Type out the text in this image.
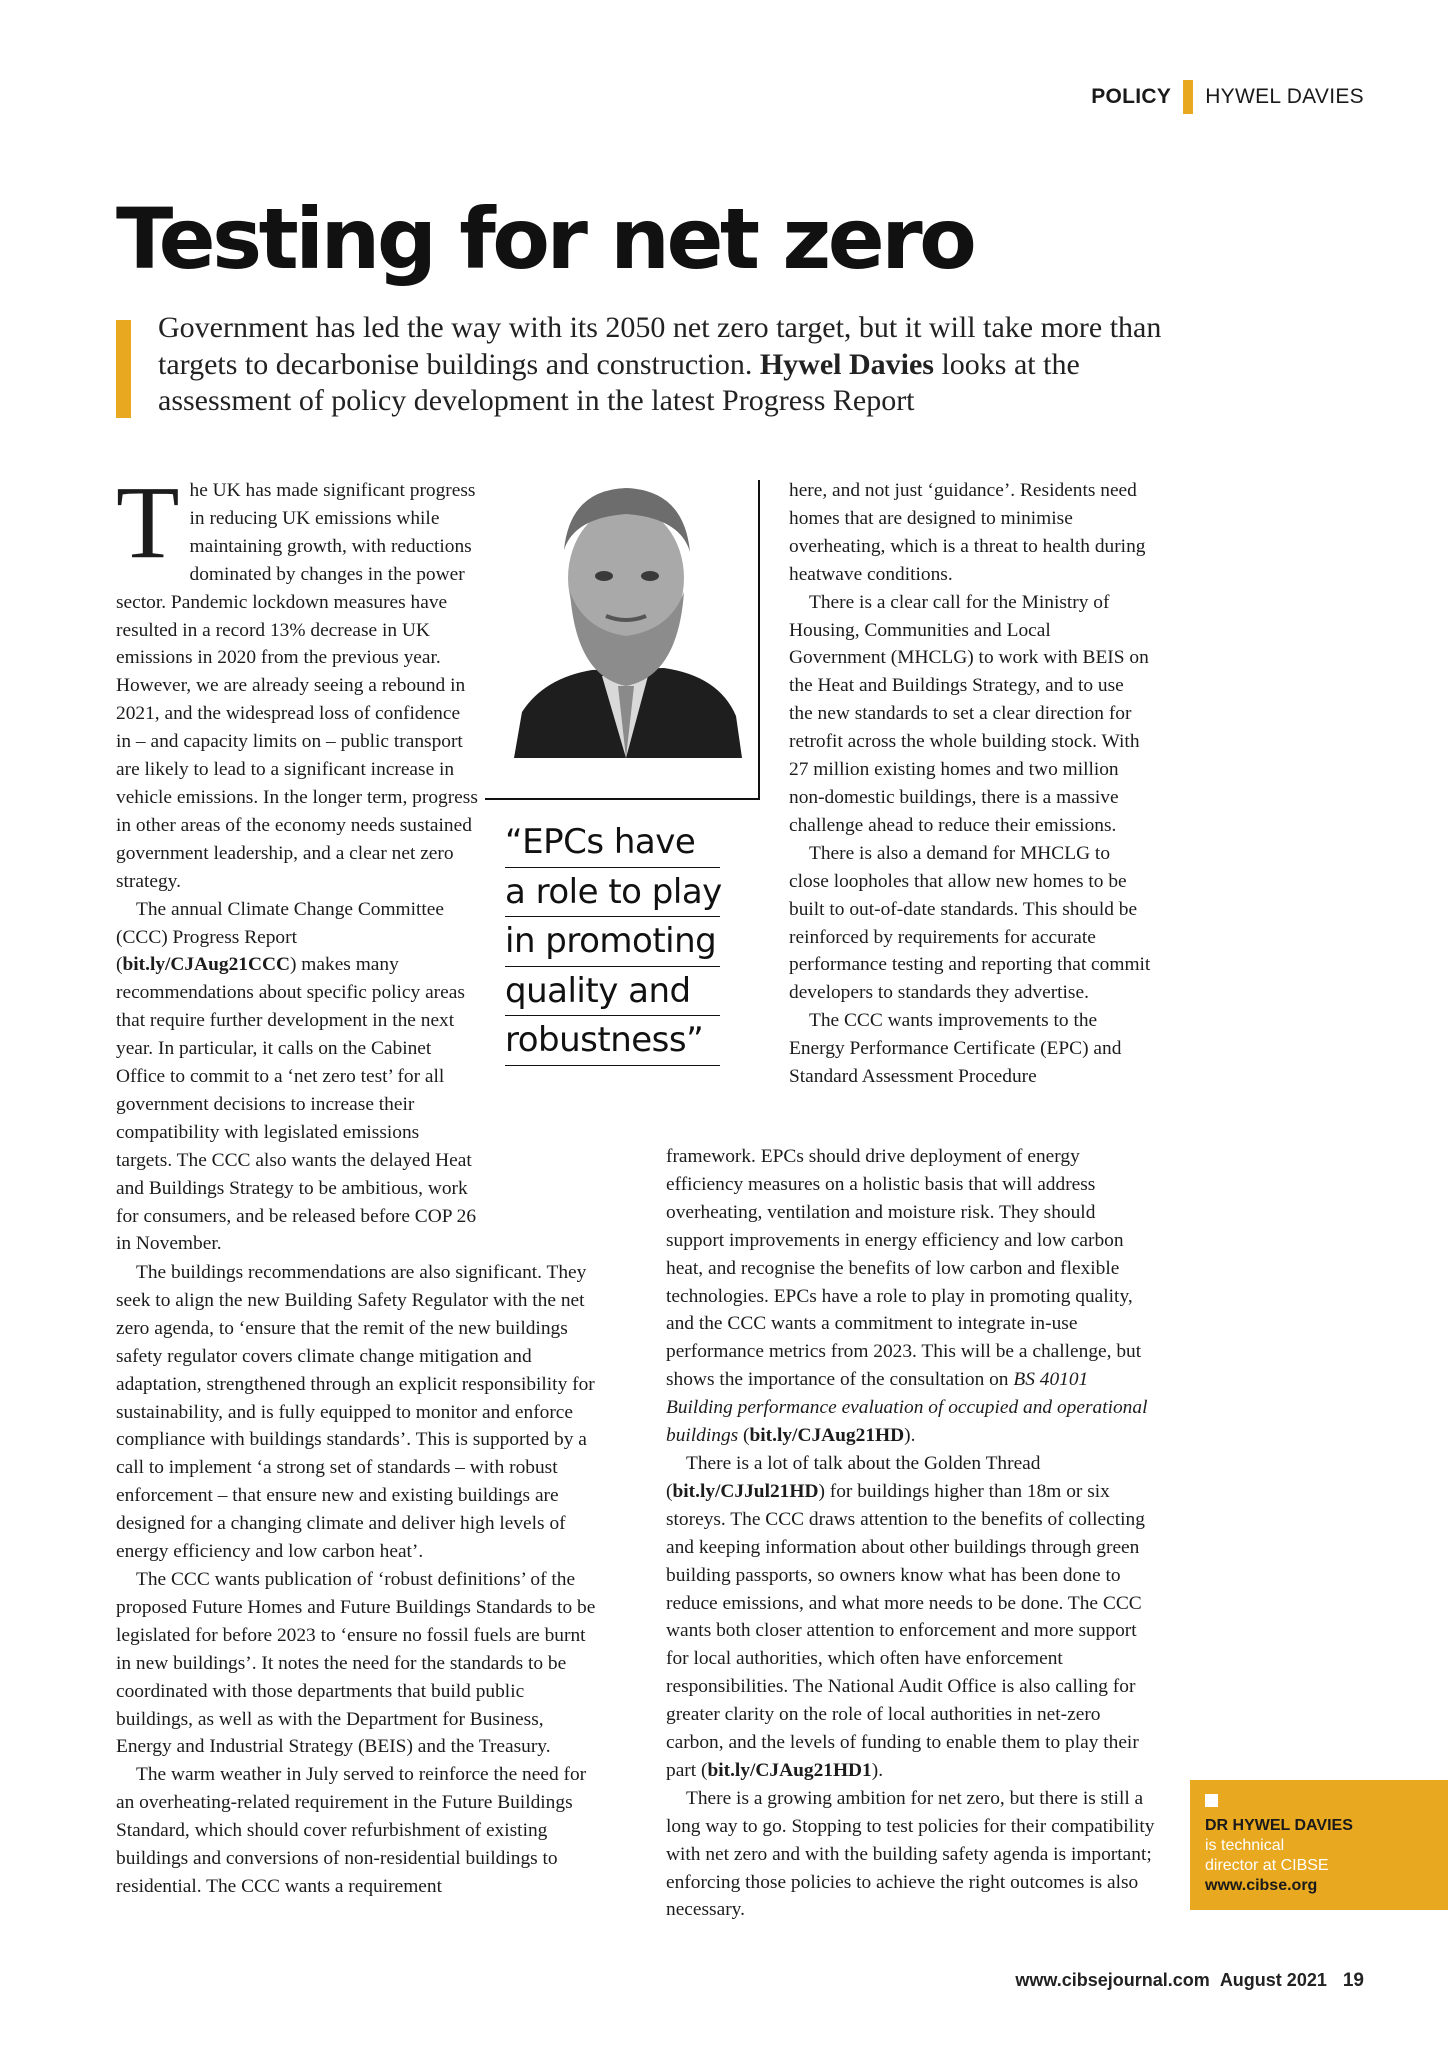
POLICY HYWEL DAVIES
Testing for net zero

Government has led the way with its 2050 net zero target, but it will take more than targets to decarbonise buildings and construction. Hywel Davies looks at the assessment of policy development in the latest Progress Report

The UK has made significant progress in reducing UK emissions while maintaining growth, with reductions dominated by changes in the power sector. Pandemic lockdown measures have resulted in a record 13% decrease in UK emissions in 2020 from the previous year. However, we are already seeing a rebound in 2021, and the widespread loss of confidence in – and capacity limits on – public transport are likely to lead to a significant increase in vehicle emissions. In the longer term, progress in other areas of the economy needs sustained government leadership, and a clear net zero strategy.

The annual Climate Change Committee (CCC) Progress Report (bit.ly/CJAug21CCC) makes many recommendations about specific policy areas that require further development in the next year. In particular, it calls on the Cabinet Office to commit to a ‘net zero test’ for all government decisions to increase their compatibility with legislated emissions targets. The CCC also wants the delayed Heat and Buildings Strategy to be ambitious, work for consumers, and be released before COP 26 in November.

“EPCs have
a role to play
in promoting
quality and
robustness”

The buildings recommendations are also significant. They seek to align the new Building Safety Regulator with the net zero agenda, to ‘ensure that the remit of the new buildings safety regulator covers climate change mitigation and adaptation, strengthened through an explicit responsibility for sustainability, and is fully equipped to monitor and enforce compliance with buildings standards’. This is supported by a call to implement ‘a strong set of standards – with robust enforcement – that ensure new and existing buildings are designed for a changing climate and deliver high levels of energy efficiency and low carbon heat’.

The CCC wants publication of ‘robust definitions’ of the proposed Future Homes and Future Buildings Standards to be legislated for before 2023 to ‘ensure no fossil fuels are burnt in new buildings’. It notes the need for the standards to be coordinated with those departments that build public buildings, as well as with the Department for Business, Energy and Industrial Strategy (BEIS) and the Treasury.

The warm weather in July served to reinforce the need for an overheating-related requirement in the Future Buildings Standard, which should cover refurbishment of existing buildings and conversions of non-residential buildings to residential. The CCC wants a requirement

here, and not just ‘guidance’. Residents need homes that are designed to minimise overheating, which is a threat to health during heatwave conditions.

There is a clear call for the Ministry of Housing, Communities and Local Government (MHCLG) to work with BEIS on the Heat and Buildings Strategy, and to use the new standards to set a clear direction for retrofit across the whole building stock. With 27 million existing homes and two million non-domestic buildings, there is a massive challenge ahead to reduce their emissions.

There is also a demand for MHCLG to close loopholes that allow new homes to be built to out-of-date standards. This should be reinforced by requirements for accurate performance testing and reporting that commit developers to standards they advertise.

The CCC wants improvements to the Energy Performance Certificate (EPC) and Standard Assessment Procedure

framework. EPCs should drive deployment of energy efficiency measures on a holistic basis that will address overheating, ventilation and moisture risk. They should support improvements in energy efficiency and low carbon heat, and recognise the benefits of low carbon and flexible technologies. EPCs have a role to play in promoting quality, and the CCC wants a commitment to integrate in-use performance metrics from 2023. This will be a challenge, but shows the importance of the consultation on BS 40101 Building performance evaluation of occupied and operational buildings (bit.ly/CJAug21HD).

There is a lot of talk about the Golden Thread (bit.ly/CJJul21HD) for buildings higher than 18m or six storeys. The CCC draws attention to the benefits of collecting and keeping information about other buildings through green building passports, so owners know what has been done to reduce emissions, and what more needs to be done. The CCC wants both closer attention to enforcement and more support for local authorities, which often have enforcement responsibilities. The National Audit Office is also calling for greater clarity on the role of local authorities in net-zero carbon, and the levels of funding to enable them to play their part (bit.ly/CJAug21HD1).

There is a growing ambition for net zero, but there is still a long way to go. Stopping to test policies for their compatibility with net zero and with the building safety agenda is important; enforcing those policies to achieve the right outcomes is also necessary.

DR HYWEL DAVIES
is technical
director at CIBSE
www.cibse.org
www.cibsejournal.com August 2021 19
